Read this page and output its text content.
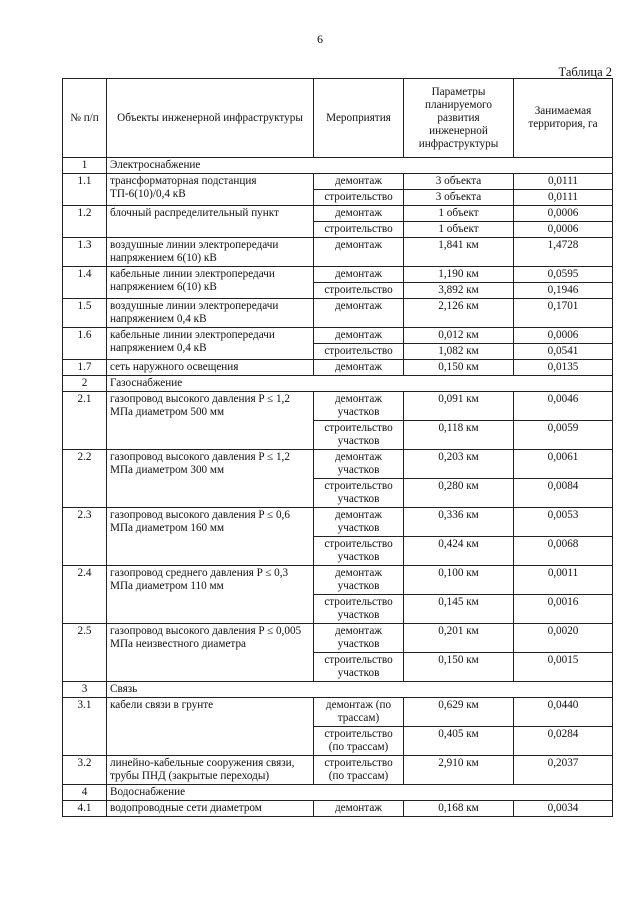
6
Таблица 2
№ п/п	Объекты инженерной инфраструктуры	Мероприятия	Параметры планируемого развития инженерной инфраструктуры	Занимаемая территория, га
1	Электроснабжение			
1.1	трансформаторная подстанция ТП-6(10)/0,4 кВ	демонтаж	3 объекта	0,0111
		строительство	3 объекта	0,0111
1.2	блочный распределительный пункт	демонтаж	1 объект	0,0006
		строительство	1 объект	0,0006
1.3	воздушные линии электропередачи напряжением 6(10) кВ	демонтаж	1,841 км	1,4728
1.4	кабельные линии электропередачи напряжением 6(10) кВ	демонтаж	1,190 км	0,0595
		строительство	3,892 км	0,1946
1.5	воздушные линии электропередачи напряжением 0,4 кВ	демонтаж	2,126 км	0,1701
1.6	кабельные линии электропередачи напряжением 0,4 кВ	демонтаж	0,012 км	0,0006
		строительство	1,082 км	0,0541
1.7	сеть наружного освещения	демонтаж	0,150 км	0,0135
2	Газоснабжение			
2.1	газопровод высокого давления P ≤ 1,2 МПа диаметром 500 мм	демонтаж участков	0,091 км	0,0046
		строительство участков	0,118 км	0,0059
2.2	газопровод высокого давления P ≤ 1,2 МПа диаметром 300 мм	демонтаж участков	0,203 км	0,0061
		строительство участков	0,280 км	0,0084
2.3	газопровод высокого давления P ≤ 0,6 МПа диаметром 160 мм	демонтаж участков	0,336 км	0,0053
		строительство участков	0,424 км	0,0068
2.4	газопровод среднего давления P ≤ 0,3 МПа диаметром 110 мм	демонтаж участков	0,100 км	0,0011
		строительство участков	0,145 км	0,0016
2.5	газопровод высокого давления P ≤ 0,005 МПа неизвестного диаметра	демонтаж участков	0,201 км	0,0020
		строительство участков	0,150 км	0,0015
3	Связь			
3.1	кабели связи в грунте	демонтаж (по трассам)	0,629 км	0,0440
		строительство (по трассам)	0,405 км	0,0284
3.2	линейно-кабельные сооружения связи, трубы ПНД (закрытые переходы)	строительство (по трассам)	2,910 км	0,2037
4	Водоснабжение			
4.1	водопроводные сети диаметром	демонтаж	0,168 км	0,0034
